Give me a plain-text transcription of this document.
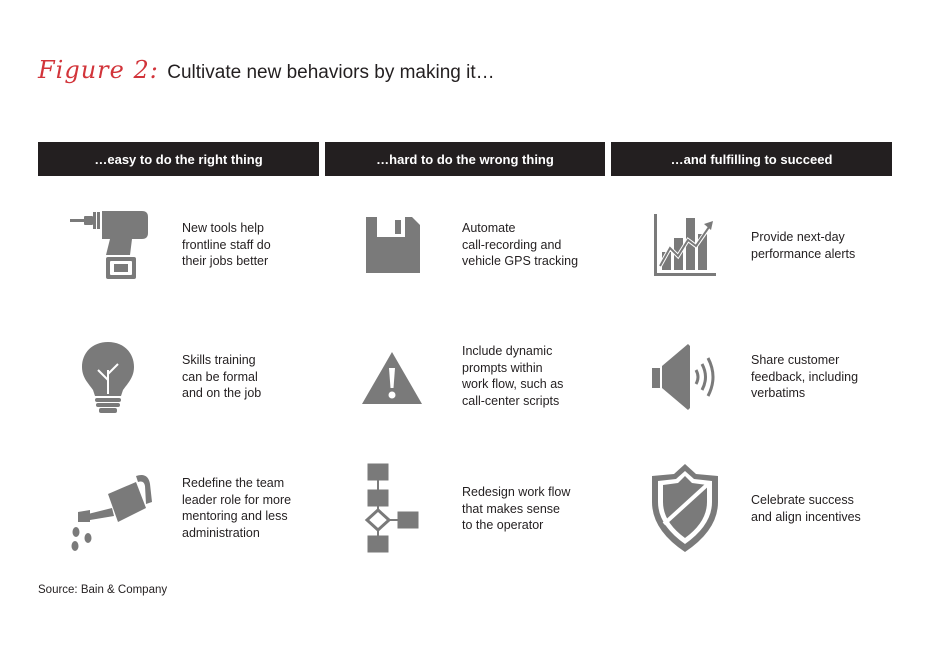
Figure 2: Cultivate new behaviors by making it…
…easy to do the right thing	…hard to do the wrong thing	…and fulfilling to succeed
New tools help
frontline staff do
their jobs better
Skills training
can be formal
and on the job
Redefine the team
leader role for more
mentoring and less
administration
Automate
call-recording and
vehicle GPS tracking
Include dynamic
prompts within
work flow, such as
call-center scripts
Redesign work flow
that makes sense
to the operator
Provide next-day
performance alerts
Share customer
feedback, including
verbatims
Celebrate success
and align incentives
Source: Bain & Company
